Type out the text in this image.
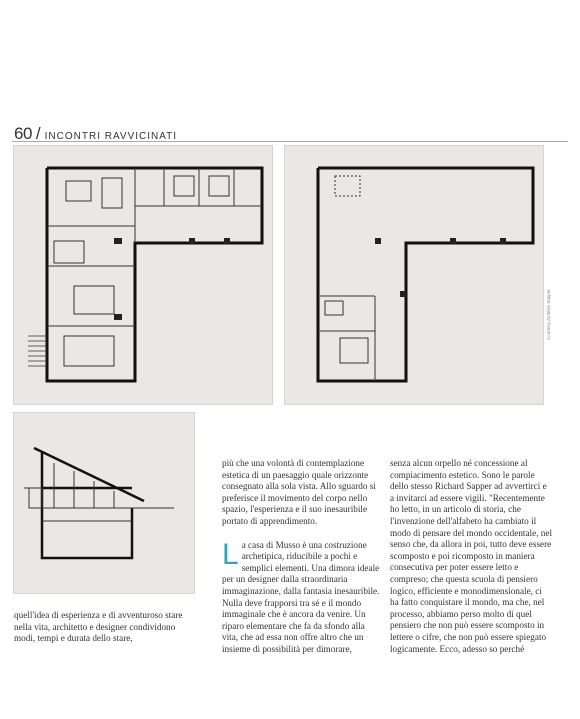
60 / INCONTRI RAVVICINATI
Courtesy Archivio Sapper

quell'idea di esperienza e di avventuroso stare nella vita, architetto e designer condividono modi, tempi e durata dello stare,

più che una volontà di contemplazione estetica di un paesaggio quale orizzonte consegnato alla sola vista. Allo sguardo si preferisce il movimento del corpo nello spazio, l'esperienza e il suo inesauribile portato di apprendimento.

L a casa di Musso è una costruzione archetipica, riducibile a pochi e semplici elementi. Una dimora ideale per un designer dalla straordinaria immaginazione, dalla fantasia inesauribile. Nulla deve frapporsi tra sé e il mondo immaginale che è ancora da venire. Un riparo elementare che fa da sfondo alla vita, che ad essa non offre altro che un insieme di possibilità per dimorare,

senza alcun orpello né concessione al compiacimento estetico. Sono le parole dello stesso Richard Sapper ad avvertirci e a invitarci ad essere vigili. "Recentemente ho letto, in un articolo di storia, che l'invenzione dell'alfabeto ha cambiato il modo di pensare del mondo occidentale, nel senso che, da allora in poi, tutto deve essere scomposto e poi ricomposto in maniera consecutiva per poter essere letto e compreso; che questa scuola di pensiero logico, efficiente e monodimensionale, ci ha fatto conquistare il mondo, ma che, nel processo, abbiamo perso molto di quel pensiero che non può essere scomposto in lettere o cifre, che non può essere spiegato logicamente. Ecco, adesso so perché
